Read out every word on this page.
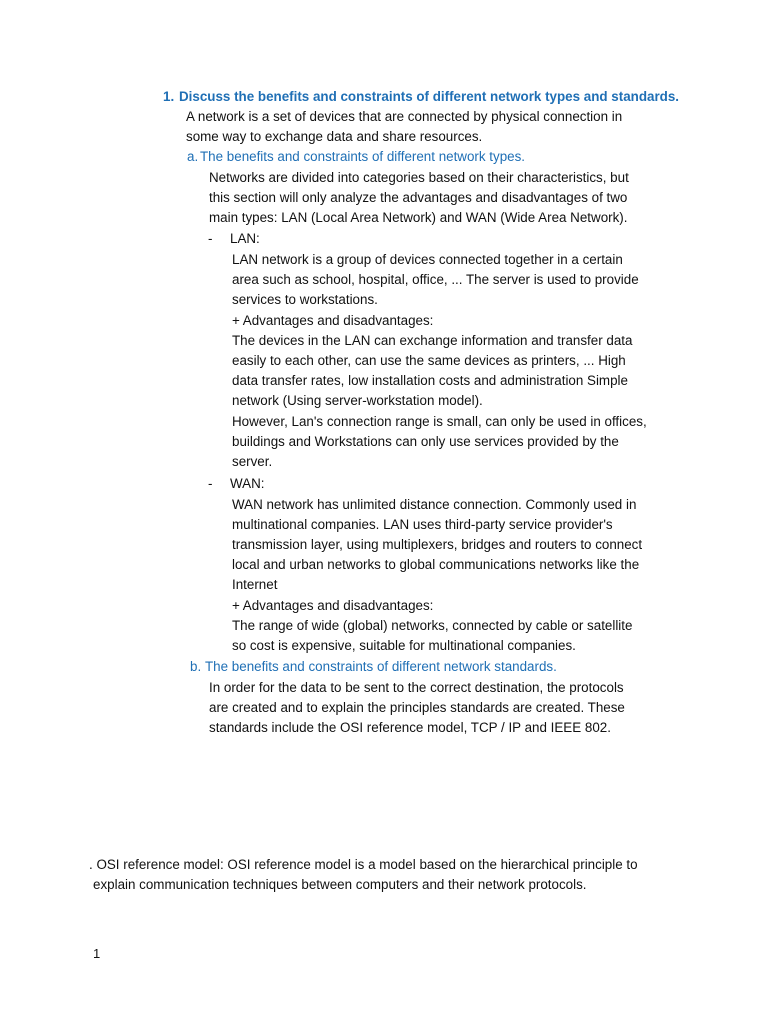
1. Discuss the benefits and constraints of different network types and standards.
A network is a set of devices that are connected by physical connection in
some way to exchange data and share resources.
a. The benefits and constraints of different network types.
Networks are divided into categories based on their characteristics, but
this section will only analyze the advantages and disadvantages of two
main types: LAN (Local Area Network) and WAN (Wide Area Network).
- LAN:
LAN network is a group of devices connected together in a certain
area such as school, hospital, office, ... The server is used to provide
services to workstations.
+ Advantages and disadvantages:
The devices in the LAN can exchange information and transfer data
easily to each other, can use the same devices as printers, ... High
data transfer rates, low installation costs and administration Simple
network (Using server-workstation model).
However, Lan's connection range is small, can only be used in offices,
buildings and Workstations can only use services provided by the
server.
- WAN:
WAN network has unlimited distance connection. Commonly used in
multinational companies. LAN uses third-party service provider's
transmission layer, using multiplexers, bridges and routers to connect
local and urban networks to global communications networks like the
Internet
+ Advantages and disadvantages:
The range of wide (global) networks, connected by cable or satellite
so cost is expensive, suitable for multinational companies.
b. The benefits and constraints of different network standards.
In order for the data to be sent to the correct destination, the protocols
are created and to explain the principles standards are created. These
standards include the OSI reference model, TCP / IP and IEEE 802.
. OSI reference model: OSI reference model is a model based on the hierarchical principle to
explain communication techniques between computers and their network protocols.
1
